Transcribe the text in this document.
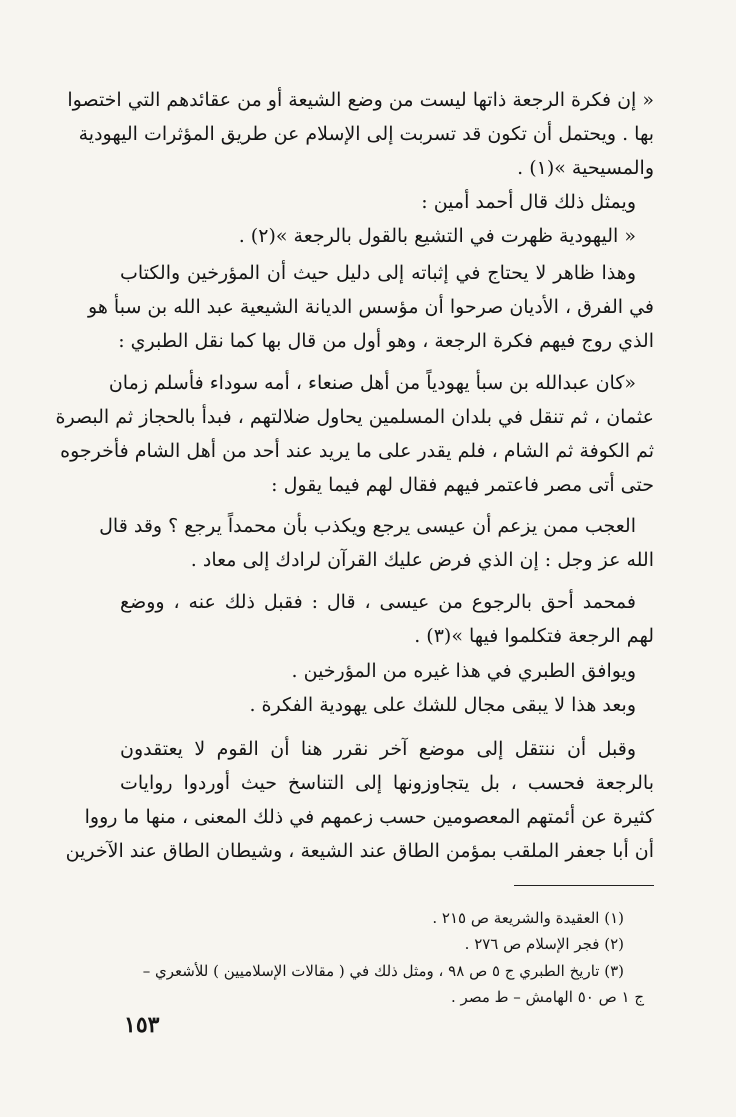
« إن فكرة الرجعة ذاتها ليست من وضع الشيعة أو من عقائدهم التي اختصوا
بها . ويحتمل أن تكون قد تسربت إلى الإسلام عن طريق المؤثرات اليهودية
والمسيحية »(١) .
ويمثل ذلك قال أحمد أمين :
« اليهودية ظهرت في التشيع بالقول بالرجعة »(٢) .
وهذا ظاهر لا يحتاج في إثباته إلى دليل حيث أن المؤرخين والكتاب
في الفرق ، الأديان صرحوا أن مؤسس الديانة الشيعية عبد الله بن سبأ هو
الذي روج فيهم فكرة الرجعة ، وهو أول من قال بها كما نقل الطبري :
«كان عبدالله بن سبأ يهودياً من أهل صنعاء ، أمه سوداء فأسلم زمان
عثمان ، ثم تنقل في بلدان المسلمين يحاول ضلالتهم ، فبدأ بالحجاز ثم البصرة
ثم الكوفة ثم الشام ، فلم يقدر على ما يريد عند أحد من أهل الشام فأخرجوه
حتى أتى مصر فاعتمر فيهم فقال لهم فيما يقول :
العجب ممن يزعم أن عيسى يرجع ويكذب بأن محمداً يرجع ؟ وقد قال
الله عز وجل : إن الذي فرض عليك القرآن لرادك إلى معاد .
فمحمد أحق بالرجوع من عيسى ، قال : فقبل ذلك عنه ، ووضع
لهم الرجعة فتكلموا فيها »(٣) .
ويوافق الطبري في هذا غيره من المؤرخين .
وبعد هذا لا يبقى مجال للشك على يهودية الفكرة .
وقبل أن ننتقل إلى موضع آخر نقرر هنا أن القوم لا يعتقدون
بالرجعة فحسب ، بل يتجاوزونها إلى التناسخ حيث أوردوا روايات
كثيرة عن أئمتهم المعصومين حسب زعمهم في ذلك المعنى ، منها ما رووا
أن أبا جعفر الملقب بمؤمن الطاق عند الشيعة ، وشيطان الطاق عند الآخرين
(١) العقيدة والشريعة ص ٢١٥ .
(٢) فجر الإسلام ص ٢٧٦ .
(٣) تاريخ الطبري ج ٥ ص ٩٨ ، ومثل ذلك في ( مقالات الإسلاميين ) للأشعري –
ج ١ ص ٥٠ الهامش – ط مصر .
١٥٣
